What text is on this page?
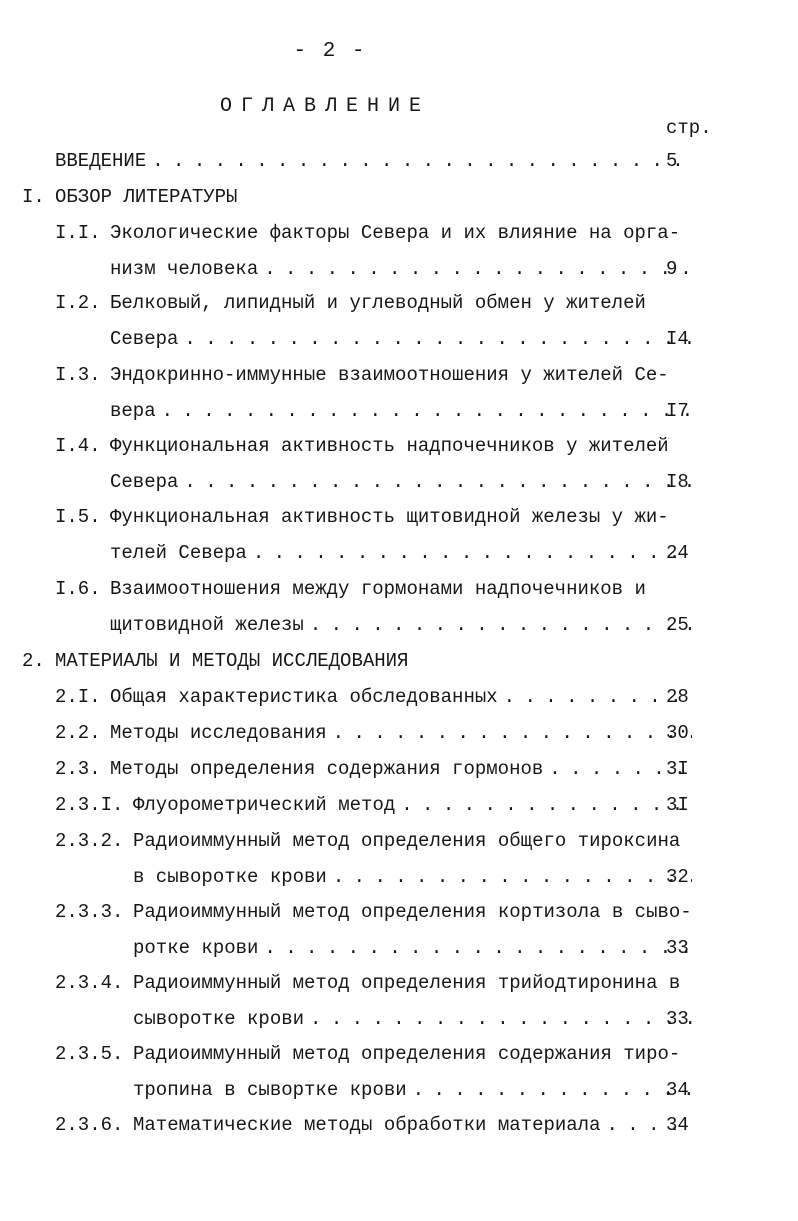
- 2 -
ОГЛАВЛЕНИЕ
стр.
ВВЕДЕНИЕ . . .	5
I. ОБЗОР ЛИТЕРАТУРЫ
I.I. Экологические факторы Севера и их влияние на орга-
низм человека . . .	9
I.2. Белковый, липидный и углеводный обмен у жителей
Севера . . .	I4
I.3. Эндокринно-иммунные взаимоотношения у жителей Се-
вера . . .	I7
I.4. Функциональная активность надпочечников у жителей
Севера . . .	I8
I.5. Функциональная активность щитовидной железы у жи-
телей Севера . . .	24
I.6. Взаимоотношения между гормонами надпочечников и
щитовидной железы . . .	25
2. МАТЕРИАЛЫ И МЕТОДЫ ИССЛЕДОВАНИЯ
2.I. Общая характеристика обследованных . . .	28
2.2. Методы исследования . . .	30
2.3. Методы определения содержания гормонов . . .	3I
2.3.I. Флуорометрический метод . . .	3I
2.3.2. Радиоиммунный метод определения общего тироксина
в сыворотке крови . . .	32
2.3.3. Радиоиммунный метод определения кортизола в сыво-
ротке крови . . .	33
2.3.4. Радиоиммунный метод определения трийодтиронина в
сыворотке крови . . .	33
2.3.5. Радиоиммунный метод определения содержания тиро-
тропина в сывортке крови . . .	34
2.3.6. Математические методы обработки материала . . .	34
